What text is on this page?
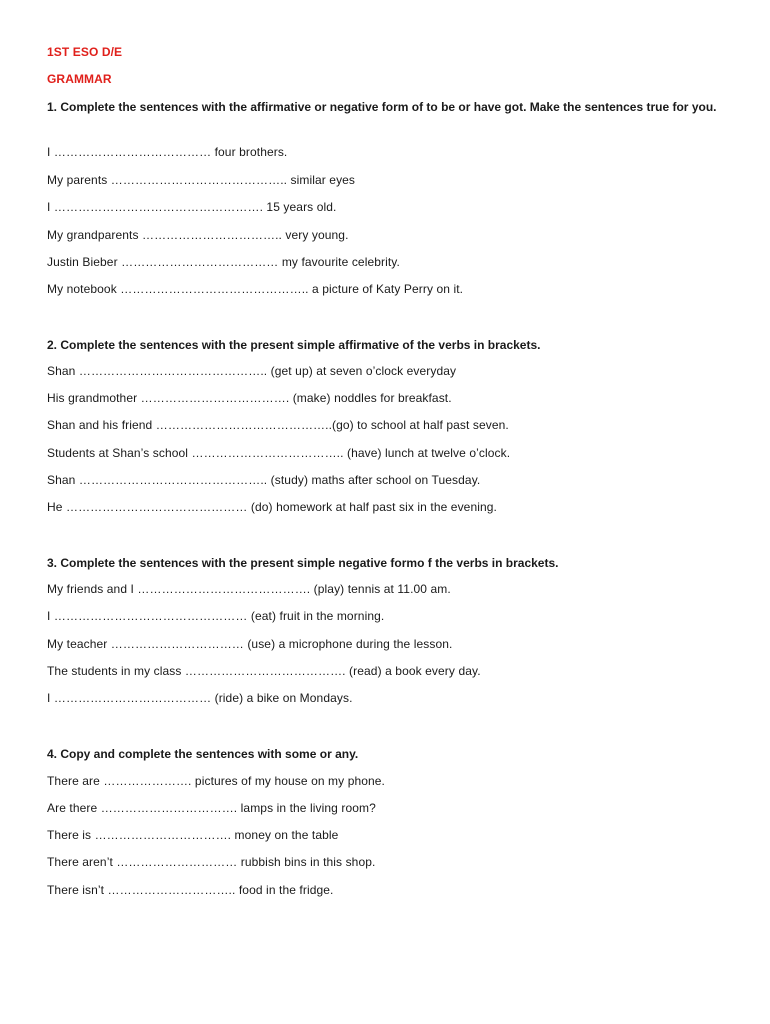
1ST ESO D/E
GRAMMAR
1. Complete the sentences with the affirmative or negative form of to be or have got. Make the sentences true for you.
I ………………………………… four brothers.
My parents …………………………………….. similar eyes
I ……………………………………………. 15 years old.
My grandparents …………………………….. very young.
Justin Bieber ………………………………… my favourite celebrity.
My notebook ……………………………………….. a picture of Katy Perry on it.
2. Complete the sentences with the present simple affirmative of the verbs in brackets.
Shan ……………………………………….. (get up) at seven o’clock everyday
His grandmother ………………………………. (make) noddles for breakfast.
Shan and his friend ……………………………………..(go) to school at half past seven.
Students at Shan’s school ……………………………….. (have) lunch at twelve o’clock.
Shan ……………………………………….. (study) maths after school on Tuesday.
He ……………………………………… (do) homework at half past six in the evening.
3. Complete the sentences with the present simple negative formo f the verbs in brackets.
My friends and I ……………………………………. (play) tennis at 11.00 am.
I ………………………………………… (eat) fruit in the morning.
My teacher …………………………… (use) a microphone during the lesson.
The students in my class …………………………………. (read) a book every day.
I ………………………………… (ride) a bike on Mondays.
4. Copy and complete the sentences with some or any.
There are …………………. pictures of my house on my phone.
Are there ……………………………. lamps in the living room?
There is ……………………………. money on the table
There aren’t ………………………… rubbish bins in this shop.
There isn’t ………………………….. food in the fridge.
